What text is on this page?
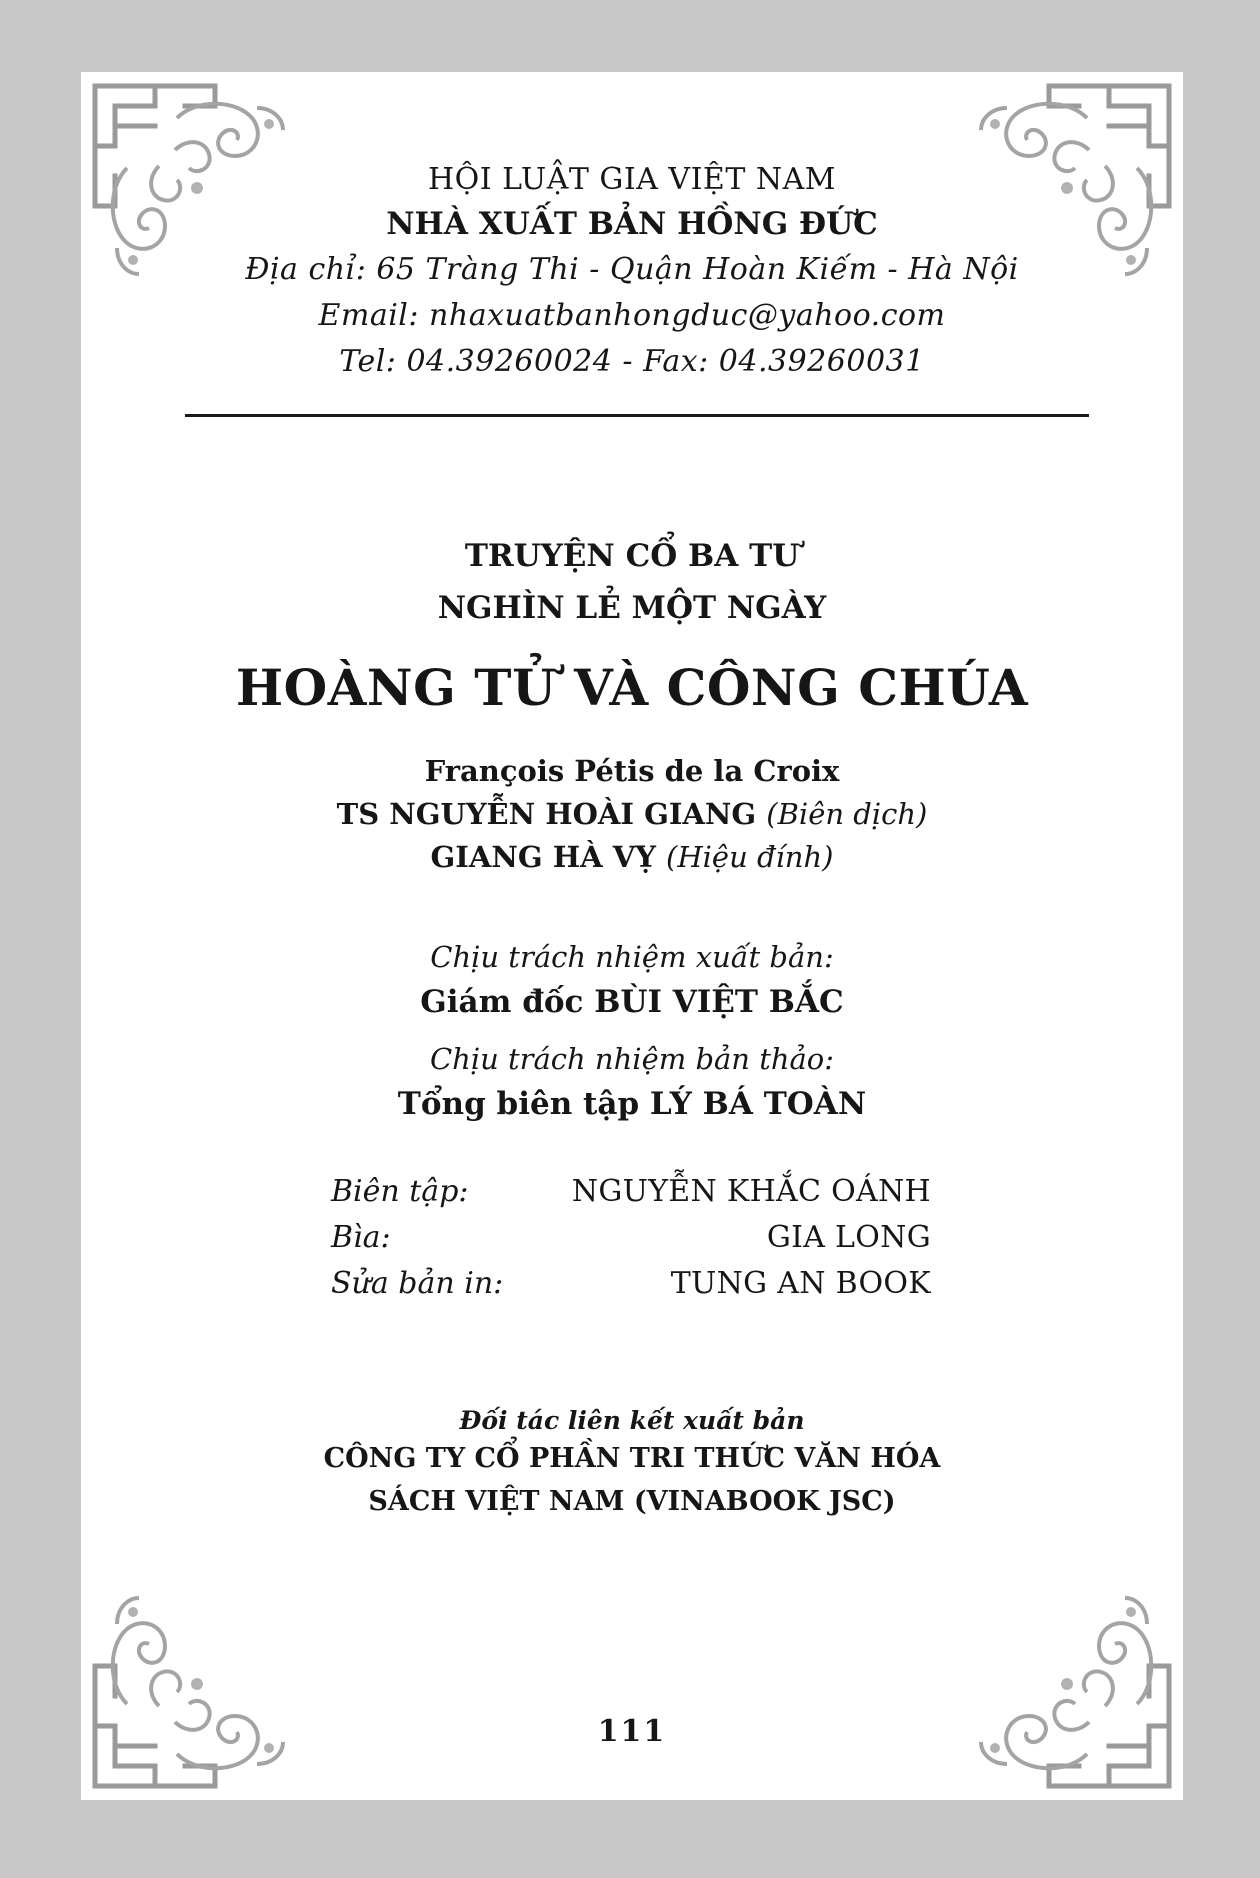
HỘI LUẬT GIA VIỆT NAM
NHÀ XUẤT BẢN HỒNG ĐỨC
Địa chỉ: 65 Tràng Thi - Quận Hoàn Kiếm - Hà Nội
Email: nhaxuatbanhongduc@yahoo.com
Tel: 04.39260024 - Fax: 04.39260031
TRUYỆN CỔ BA TƯ
NGHÌN LẺ MỘT NGÀY
HOÀNG TỬ VÀ CÔNG CHÚA
François Pétis de la Croix
TS NGUYỄN HOÀI GIANG (Biên dịch)
GIANG HÀ VỴ (Hiệu đính)
Chịu trách nhiệm xuất bản:
Giám đốc BÙI VIỆT BẮC
Chịu trách nhiệm bản thảo:
Tổng biên tập LÝ BÁ TOÀN
Biên tập:	NGUYỄN KHẮC OÁNH
Bìa:	GIA LONG
Sửa bản in:	TUNG AN BOOK
Đối tác liên kết xuất bản
CÔNG TY CỔ PHẦN TRI THỨC VĂN HÓA
SÁCH VIỆT NAM (VINABOOK JSC)
111
